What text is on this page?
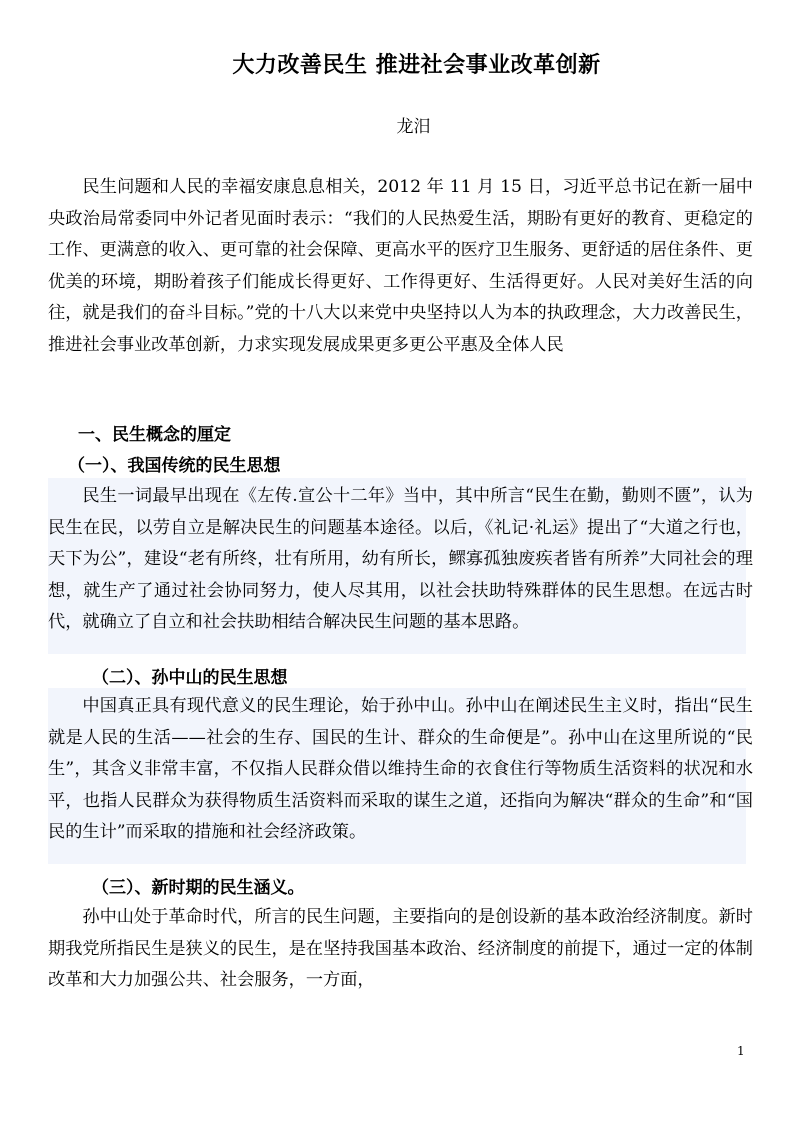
大力改善民生 推进社会事业改革创新
龙汨

民生问题和人民的幸福安康息息相关，2012 年 11 月 15 日，习近平总书记在新一届中央政治局常委同中外记者见面时表示：“我们的人民热爱生活，期盼有更好的教育、更稳定的工作、更满意的收入、更可靠的社会保障、更高水平的医疗卫生服务、更舒适的居住条件、更优美的环境，期盼着孩子们能成长得更好、工作得更好、生活得更好。人民对美好生活的向往，就是我们的奋斗目标。”党的十八大以来党中央坚持以人为本的执政理念，大力改善民生，推进社会事业改革创新，力求实现发展成果更多更公平惠及全体人民

一、民生概念的厘定
（一）、我国传统的民生思想

民生一词最早出现在《左传.宣公十二年》当中，其中所言“民生在勤，勤则不匮”，认为民生在民，以劳自立是解决民生的问题基本途径。以后，《礼记·礼运》提出了“大道之行也，天下为公”，建设“老有所终，壮有所用，幼有所长，鳏寡孤独废疾者皆有所养”大同社会的理想，就生产了通过社会协同努力，使人尽其用，以社会扶助特殊群体的民生思想。在远古时代，就确立了自立和社会扶助相结合解决民生问题的基本思路。

（二）、孙中山的民生思想

中国真正具有现代意义的民生理论，始于孙中山。孙中山在阐述民生主义时，指出“民生就是人民的生活——社会的生存、国民的生计、群众的生命便是”。孙中山在这里所说的“民生”，其含义非常丰富，不仅指人民群众借以维持生命的衣食住行等物质生活资料的状况和水平，也指人民群众为获得物质生活资料而采取的谋生之道，还指向为解决“群众的生命”和“国民的生计”而采取的措施和社会经济政策。

（三）、新时期的民生涵义。

孙中山处于革命时代，所言的民生问题，主要指向的是创设新的基本政治经济制度。新时期我党所指民生是狭义的民生，是在坚持我国基本政治、经济制度的前提下，通过一定的体制改革和大力加强公共、社会服务，一方面，

1
